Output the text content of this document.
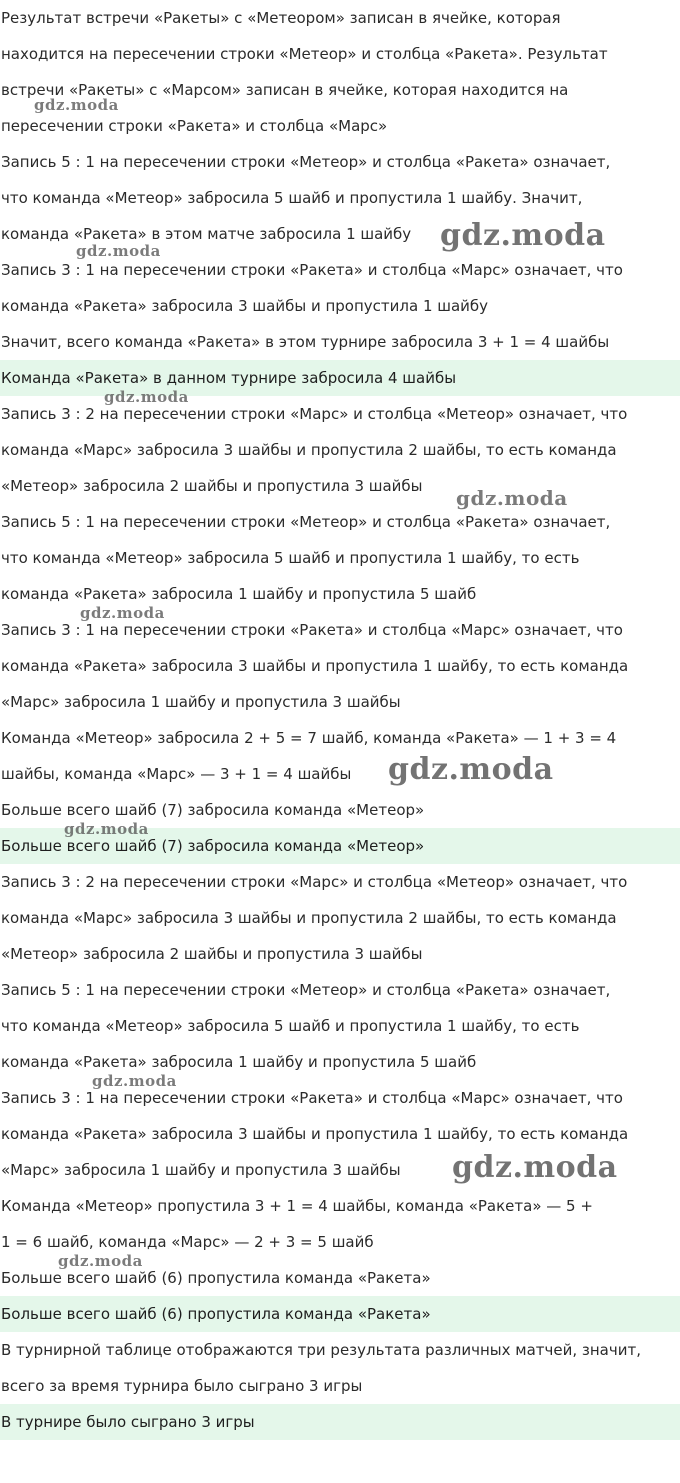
Результат встречи «Ракеты» с «Метеором» записан в ячейке, которая
находится на пересечении строки «Метеор» и столбца «Ракета». Результат
встречи «Ракеты» с «Марсом» записан в ячейке, которая находится на
пересечении строки «Ракета» и столбца «Марс»
Запись 5 : 1 на пересечении строки «Метеор» и столбца «Ракета» означает,
что команда «Метеор» забросила 5 шайб и пропустила 1 шайбу. Значит,
команда «Ракета» в этом матче забросила 1 шайбу
Запись 3 : 1 на пересечении строки «Ракета» и столбца «Марс» означает, что
команда «Ракета» забросила 3 шайбы и пропустила 1 шайбу
Значит, всего команда «Ракета» в этом турнире забросила 3 + 1 = 4 шайбы
Команда «Ракета» в данном турнире забросила 4 шайбы
Запись 3 : 2 на пересечении строки «Марс» и столбца «Метеор» означает, что
команда «Марс» забросила 3 шайбы и пропустила 2 шайбы, то есть команда
«Метеор» забросила 2 шайбы и пропустила 3 шайбы
Запись 5 : 1 на пересечении строки «Метеор» и столбца «Ракета» означает,
что команда «Метеор» забросила 5 шайб и пропустила 1 шайбу, то есть
команда «Ракета» забросила 1 шайбу и пропустила 5 шайб
Запись 3 : 1 на пересечении строки «Ракета» и столбца «Марс» означает, что
команда «Ракета» забросила 3 шайбы и пропустила 1 шайбу, то есть команда
«Марс» забросила 1 шайбу и пропустила 3 шайбы
Команда «Метеор» забросила 2 + 5 = 7 шайб, команда «Ракета» — 1 + 3 = 4
шайбы, команда «Марс» — 3 + 1 = 4 шайбы
Больше всего шайб (7) забросила команда «Метеор»
Больше всего шайб (7) забросила команда «Метеор»
Запись 3 : 2 на пересечении строки «Марс» и столбца «Метеор» означает, что
команда «Марс» забросила 3 шайбы и пропустила 2 шайбы, то есть команда
«Метеор» забросила 2 шайбы и пропустила 3 шайбы
Запись 5 : 1 на пересечении строки «Метеор» и столбца «Ракета» означает,
что команда «Метеор» забросила 5 шайб и пропустила 1 шайбу, то есть
команда «Ракета» забросила 1 шайбу и пропустила 5 шайб
Запись 3 : 1 на пересечении строки «Ракета» и столбца «Марс» означает, что
команда «Ракета» забросила 3 шайбы и пропустила 1 шайбу, то есть команда
«Марс» забросила 1 шайбу и пропустила 3 шайбы
Команда «Метеор» пропустила 3 + 1 = 4 шайбы, команда «Ракета» — 5 +
1 = 6 шайб, команда «Марс» — 2 + 3 = 5 шайб
Больше всего шайб (6) пропустила команда «Ракета»
Больше всего шайб (6) пропустила команда «Ракета»
В турнирной таблице отображаются три результата различных матчей, значит,
всего за время турнира было сыграно 3 игры
В турнире было сыграно 3 игры
gdz.moda
gdz.moda
gdz.moda
gdz.moda
gdz.moda
gdz.moda
gdz.moda
gdz.moda
gdz.moda
gdz.moda
gdz.moda
